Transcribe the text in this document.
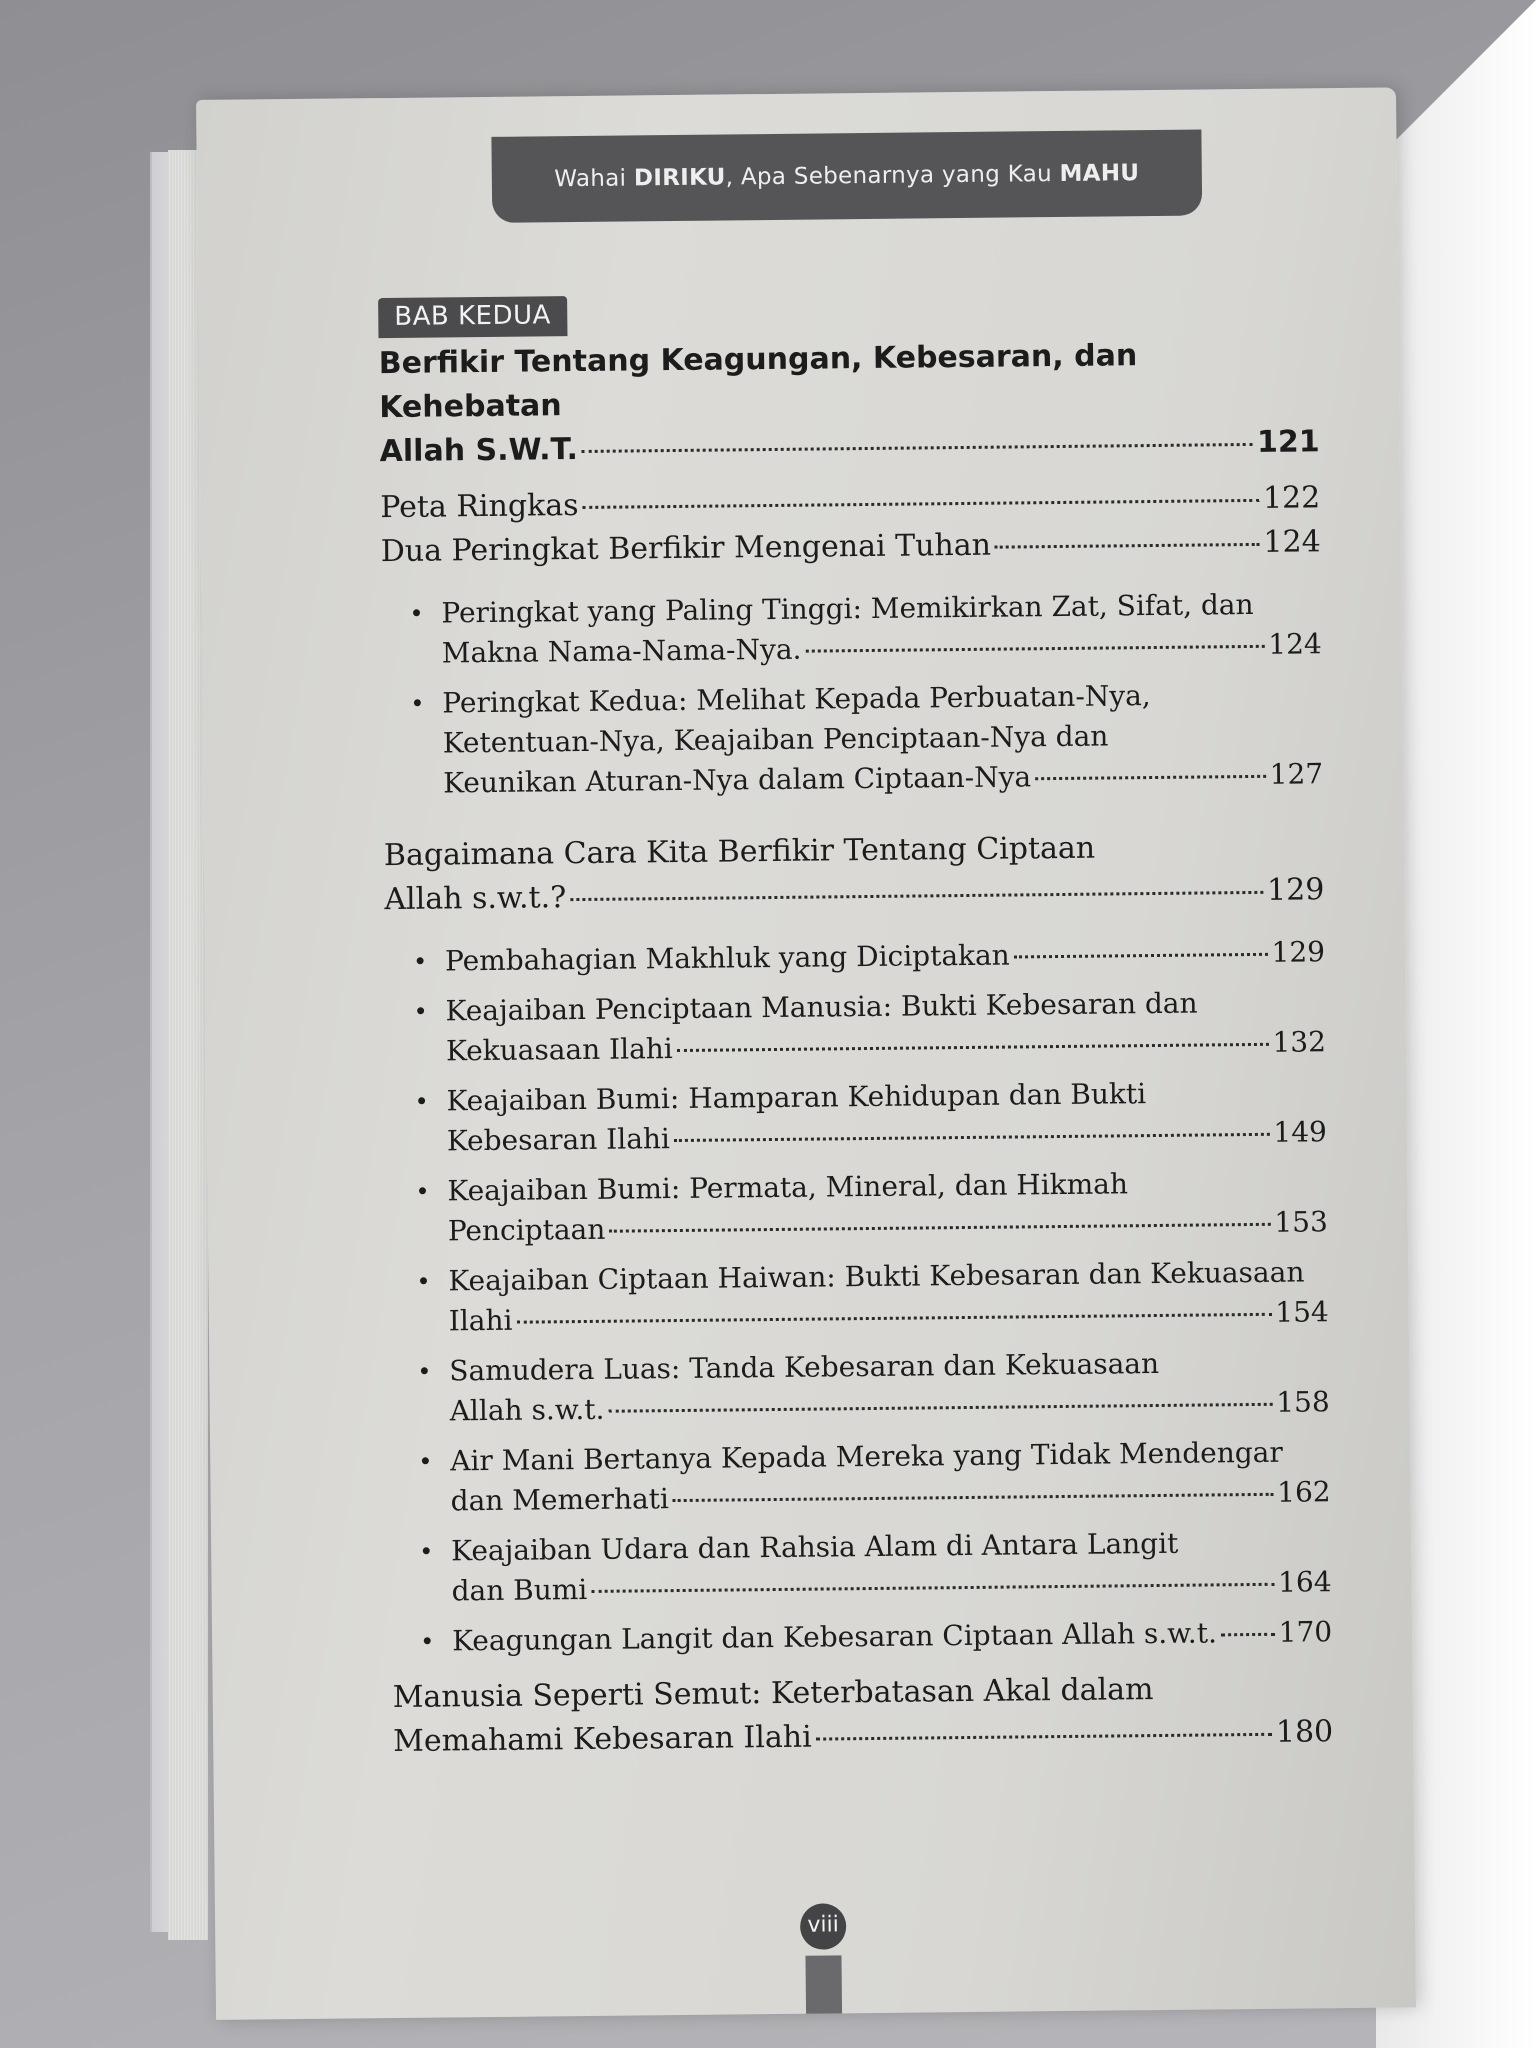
Wahai DIRIKU, Apa Sebenarnya yang Kau MAHU
BAB KEDUA
Berfikir Tentang Keagungan, Kebesaran, dan Kehebatan
Allah S.W.T.	121
Peta Ringkas	122
Dua Peringkat Berfikir Mengenai Tuhan	124
• Peringkat yang Paling Tinggi: Memikirkan Zat, Sifat, dan
Makna Nama-Nama-Nya.	124
• Peringkat Kedua: Melihat Kepada Perbuatan-Nya,
Ketentuan-Nya, Keajaiban Penciptaan-Nya dan
Keunikan Aturan-Nya dalam Ciptaan-Nya	127
Bagaimana Cara Kita Berfikir Tentang Ciptaan
Allah s.w.t.?	129
• Pembahagian Makhluk yang Diciptakan	129
• Keajaiban Penciptaan Manusia: Bukti Kebesaran dan
Kekuasaan Ilahi	132
• Keajaiban Bumi: Hamparan Kehidupan dan Bukti
Kebesaran Ilahi	149
• Keajaiban Bumi: Permata, Mineral, dan Hikmah
Penciptaan	153
• Keajaiban Ciptaan Haiwan: Bukti Kebesaran dan Kekuasaan
Ilahi	154
• Samudera Luas: Tanda Kebesaran dan Kekuasaan
Allah s.w.t.	158
• Air Mani Bertanya Kepada Mereka yang Tidak Mendengar
dan Memerhati	162
• Keajaiban Udara dan Rahsia Alam di Antara Langit
dan Bumi	164
• Keagungan Langit dan Kebesaran Ciptaan Allah s.w.t. 170
Manusia Seperti Semut: Keterbatasan Akal dalam
Memahami Kebesaran Ilahi	180
viii
